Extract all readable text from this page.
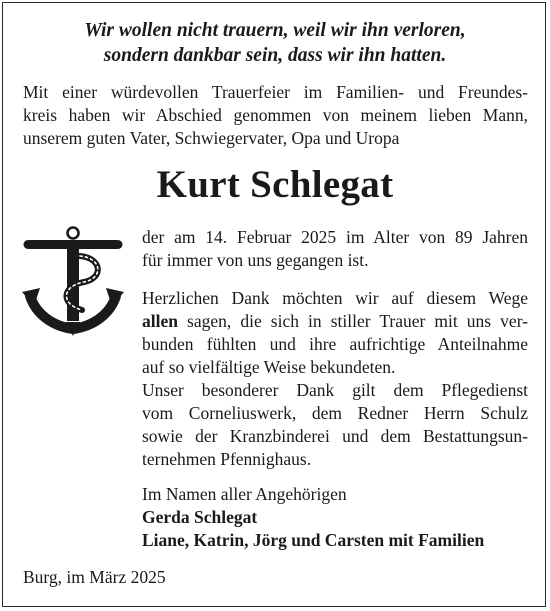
Wir wollen nicht trauern, weil wir ihn verloren,
sondern dankbar sein, dass wir ihn hatten.
Mit einer würdevollen Trauerfeier im Familien- und Freundes-
kreis haben wir Abschied genommen von meinem lieben Mann,
unserem guten Vater, Schwiegervater, Opa und Uropa
Kurt Schlegat
der am 14. Februar 2025 im Alter von 89 Jahren
für immer von uns gegangen ist.
Herzlichen Dank möchten wir auf diesem Wege
allen sagen, die sich in stiller Trauer mit uns ver-
bunden fühlten und ihre aufrichtige Anteilnahme
auf so vielfältige Weise bekundeten.
Unser besonderer Dank gilt dem Pflegedienst
vom Corneliuswerk, dem Redner Herrn Schulz
sowie der Kranzbinderei und dem Bestattungsun-
ternehmen Pfennighaus.
Im Namen aller Angehörigen
Gerda Schlegat
Liane, Katrin, Jörg und Carsten mit Familien
Burg, im März 2025
